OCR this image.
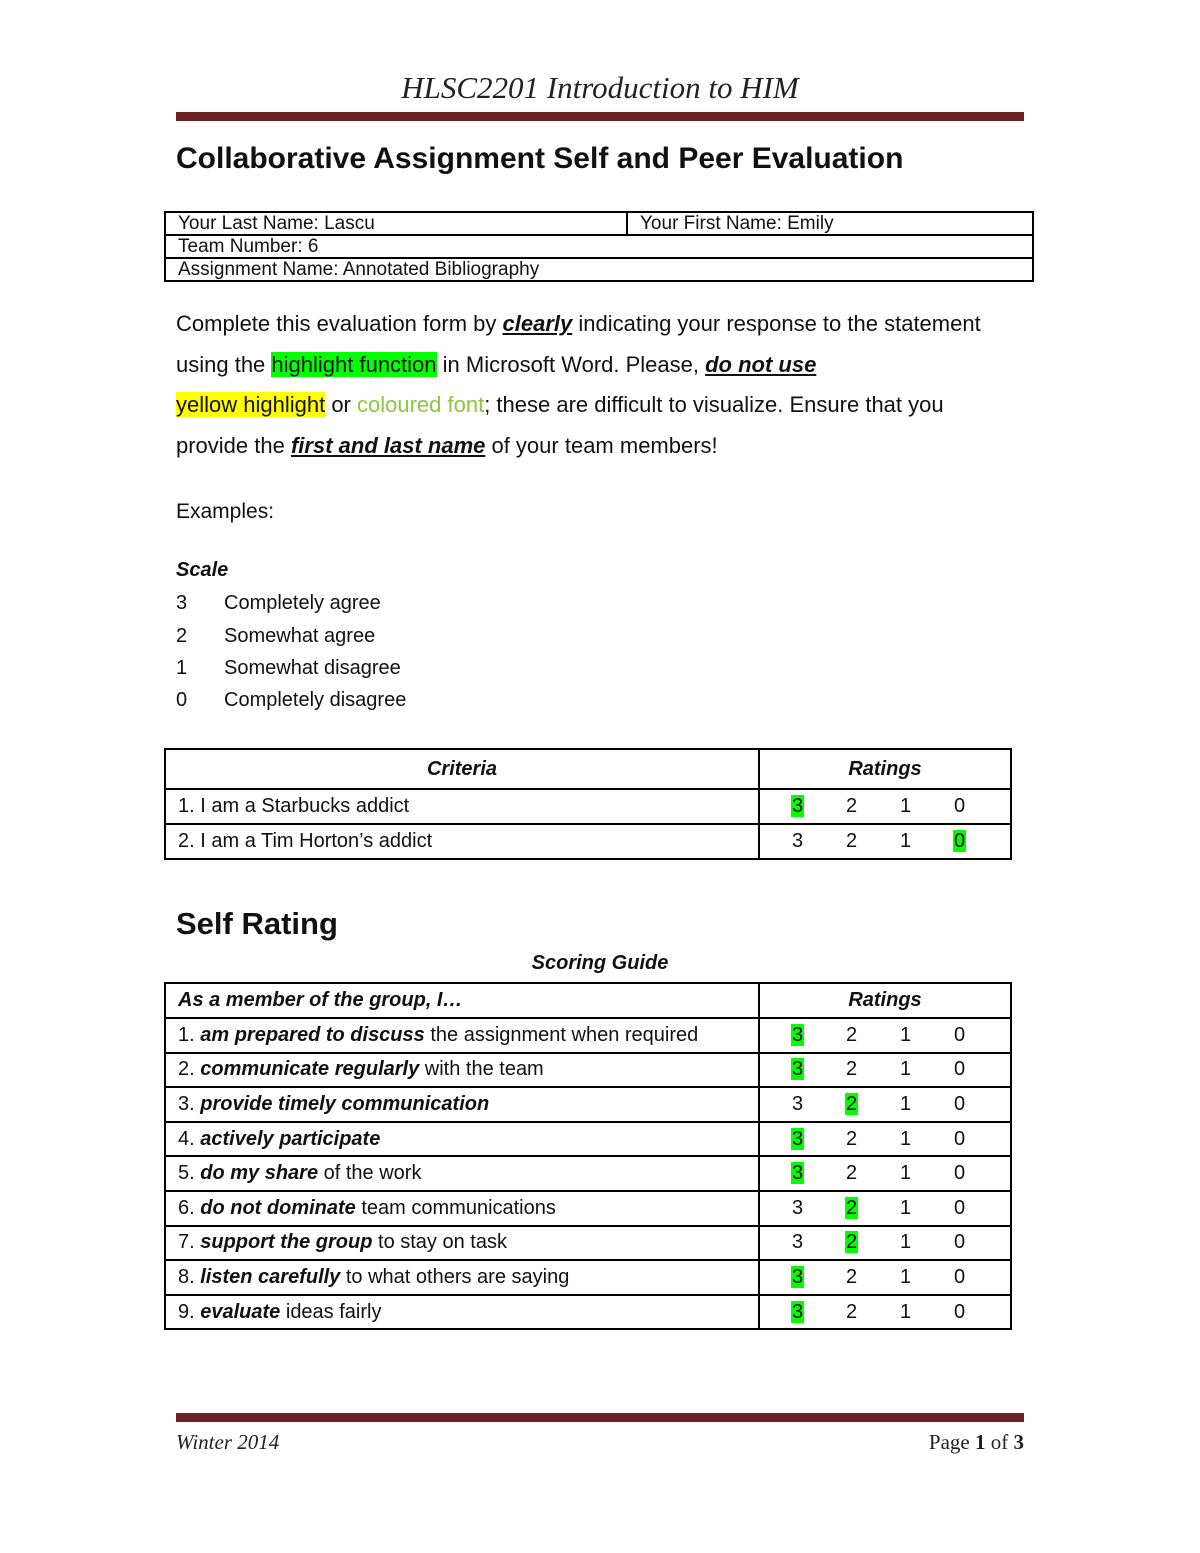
HLSC2201 Introduction to HIM
Collaborative Assignment Self and Peer Evaluation
Your Last Name: Lascu	Your First Name: Emily
Team Number: 6
Assignment Name: Annotated Bibliography
Complete this evaluation form by clearly indicating your response to the statement using the highlight function in Microsoft Word. Please, do not use
yellow highlight or coloured font; these are difficult to visualize. Ensure that you provide the first and last name of your team members!
Examples:
Scale
3 Completely agree
2 Somewhat agree
1 Somewhat disagree
0 Completely disagree
Criteria	Ratings
1. I am a Starbucks addict	3 2 1 0
2. I am a Tim Horton’s addict	3 2 1 0
Self Rating
Scoring Guide
As a member of the group, I…	Ratings
1. am prepared to discuss the assignment when required	3 2 1 0
2. communicate regularly with the team	3 2 1 0
3. provide timely communication	3 2 1 0
4. actively participate	3 2 1 0
5. do my share of the work	3 2 1 0
6. do not dominate team communications	3 2 1 0
7. support the group to stay on task	3 2 1 0
8. listen carefully to what others are saying	3 2 1 0
9. evaluate ideas fairly	3 2 1 0
Winter 2014	Page 1 of 3
